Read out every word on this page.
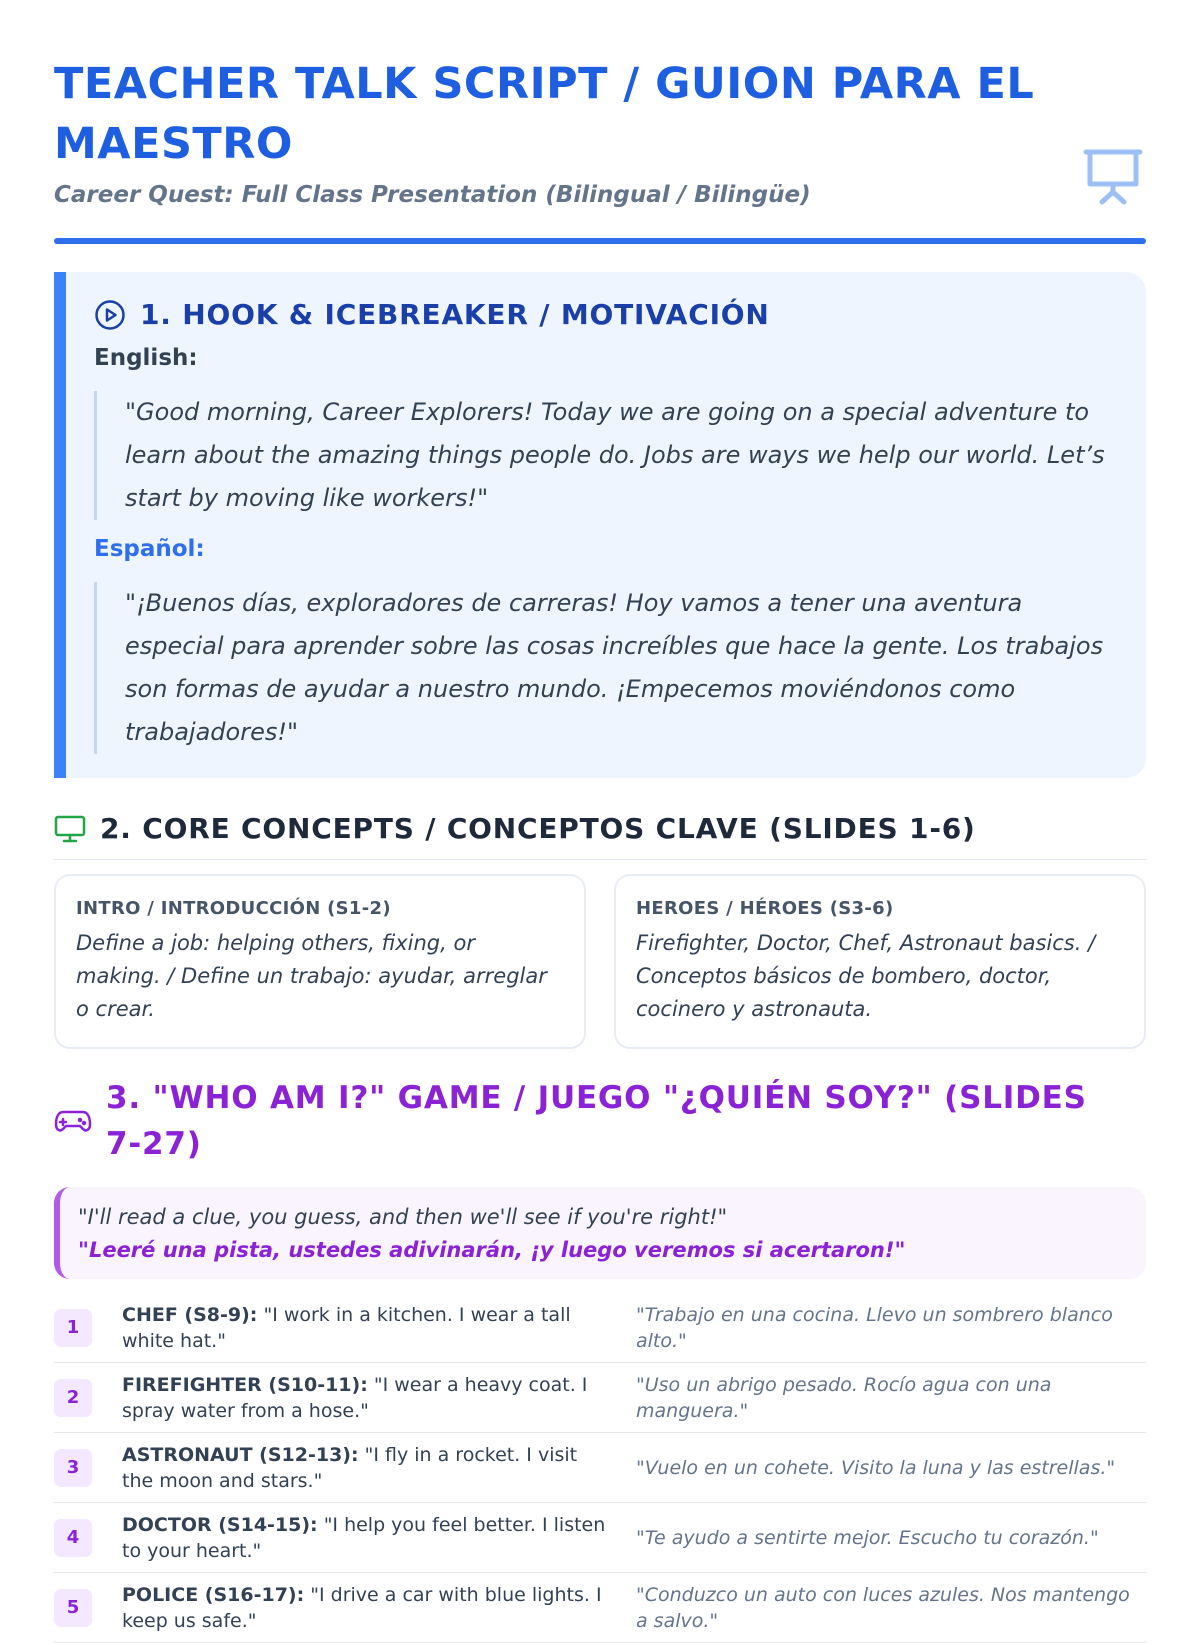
TEACHER TALK SCRIPT / GUION PARA EL MAESTRO

Career Quest: Full Class Presentation (Bilingual / Bilingüe)

1. HOOK & ICEBREAKER / MOTIVACIÓN
English:
"Good morning, Career Explorers! Today we are going on a special adventure to learn about the amazing things people do. Jobs are ways we help our world. Let’s start by moving like workers!"
Español:
"¡Buenos días, exploradores de carreras! Hoy vamos a tener una aventura especial para aprender sobre las cosas increíbles que hace la gente. Los trabajos son formas de ayudar a nuestro mundo. ¡Empecemos moviéndonos como trabajadores!"
2. CORE CONCEPTS / CONCEPTOS CLAVE (SLIDES 1-6)
INTRO / INTRODUCCIÓN (S1-2)
Define a job: helping others, fixing, or making. / Define un trabajo: ayudar, arreglar o crear.
HEROES / HÉROES (S3-6)
Firefighter, Doctor, Chef, Astronaut basics. / Conceptos básicos de bombero, doctor, cocinero y astronauta.
3. "WHO AM I?" GAME / JUEGO "¿QUIÉN SOY?" (SLIDES 7-27)
"I'll read a clue, you guess, and then we'll see if you're right!"
"Leeré una pista, ustedes adivinarán, ¡y luego veremos si acertaron!"
1
CHEF (S8-9): "I work in a kitchen. I wear a tall white hat."
"Trabajo en una cocina. Llevo un sombrero blanco alto."
2
FIREFIGHTER (S10-11): "I wear a heavy coat. I spray water from a hose."
"Uso un abrigo pesado. Rocío agua con una manguera."
3
ASTRONAUT (S12-13): "I fly in a rocket. I visit the moon and stars."
"Vuelo en un cohete. Visito la luna y las estrellas."
4
DOCTOR (S14-15): "I help you feel better. I listen to your heart."
"Te ayudo a sentirte mejor. Escucho tu corazón."
5
POLICE (S16-17): "I drive a car with blue lights. I keep us safe."
"Conduzco un auto con luces azules. Nos mantengo a salvo."
